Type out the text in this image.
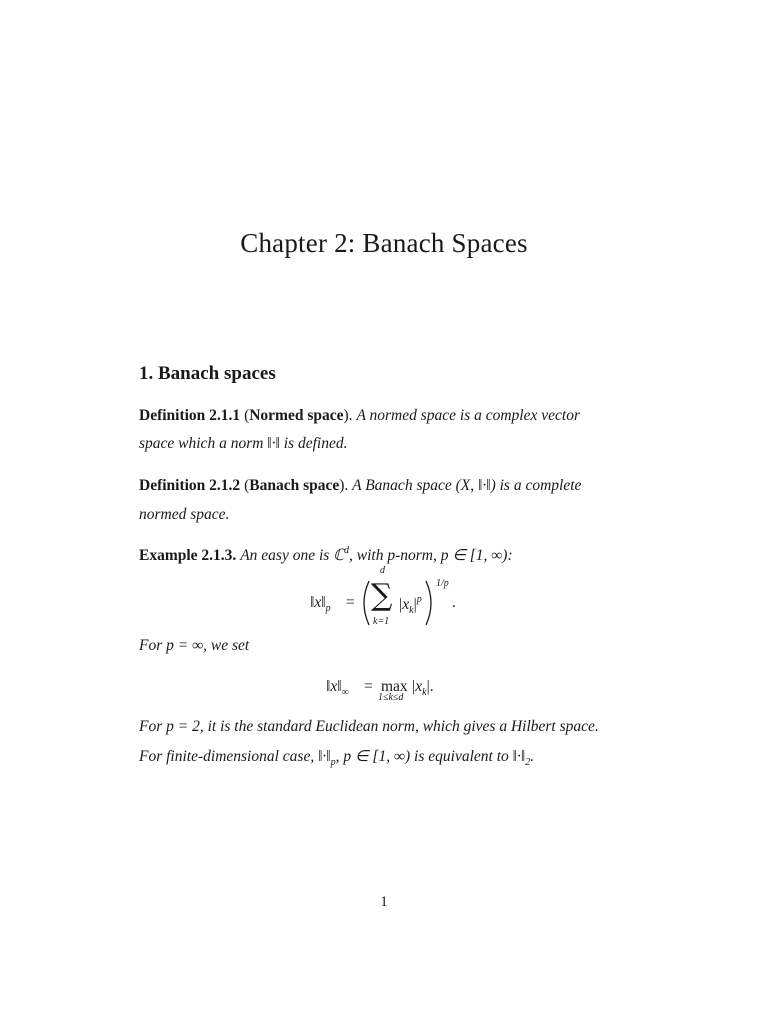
Chapter 2: Banach Spaces
1. Banach spaces
Definition 2.1.1 (Normed space). A normed space is a complex vector
space which a norm ‖·‖ is defined.
Definition 2.1.2 (Banach space). A Banach space (X, ‖·‖) is a complete
normed space.
Example 2.1.3. An easy one is ℂ$^d$, with p-norm, p ∈ [1, ∞):
$‖x‖_p$ =
d
∑
k=1
$|x_k|^p$
1/p
.
For p = ∞, we set
$‖x‖_\infty = \max$
1≤k≤d
$|x_k|$.
For p = 2, it is the standard Euclidean norm, which gives a Hilbert space.
For finite-dimensional case, $‖\cdot‖_p$, p ∈ [1, ∞) is equivalent to $‖\cdot‖_2$.
1
